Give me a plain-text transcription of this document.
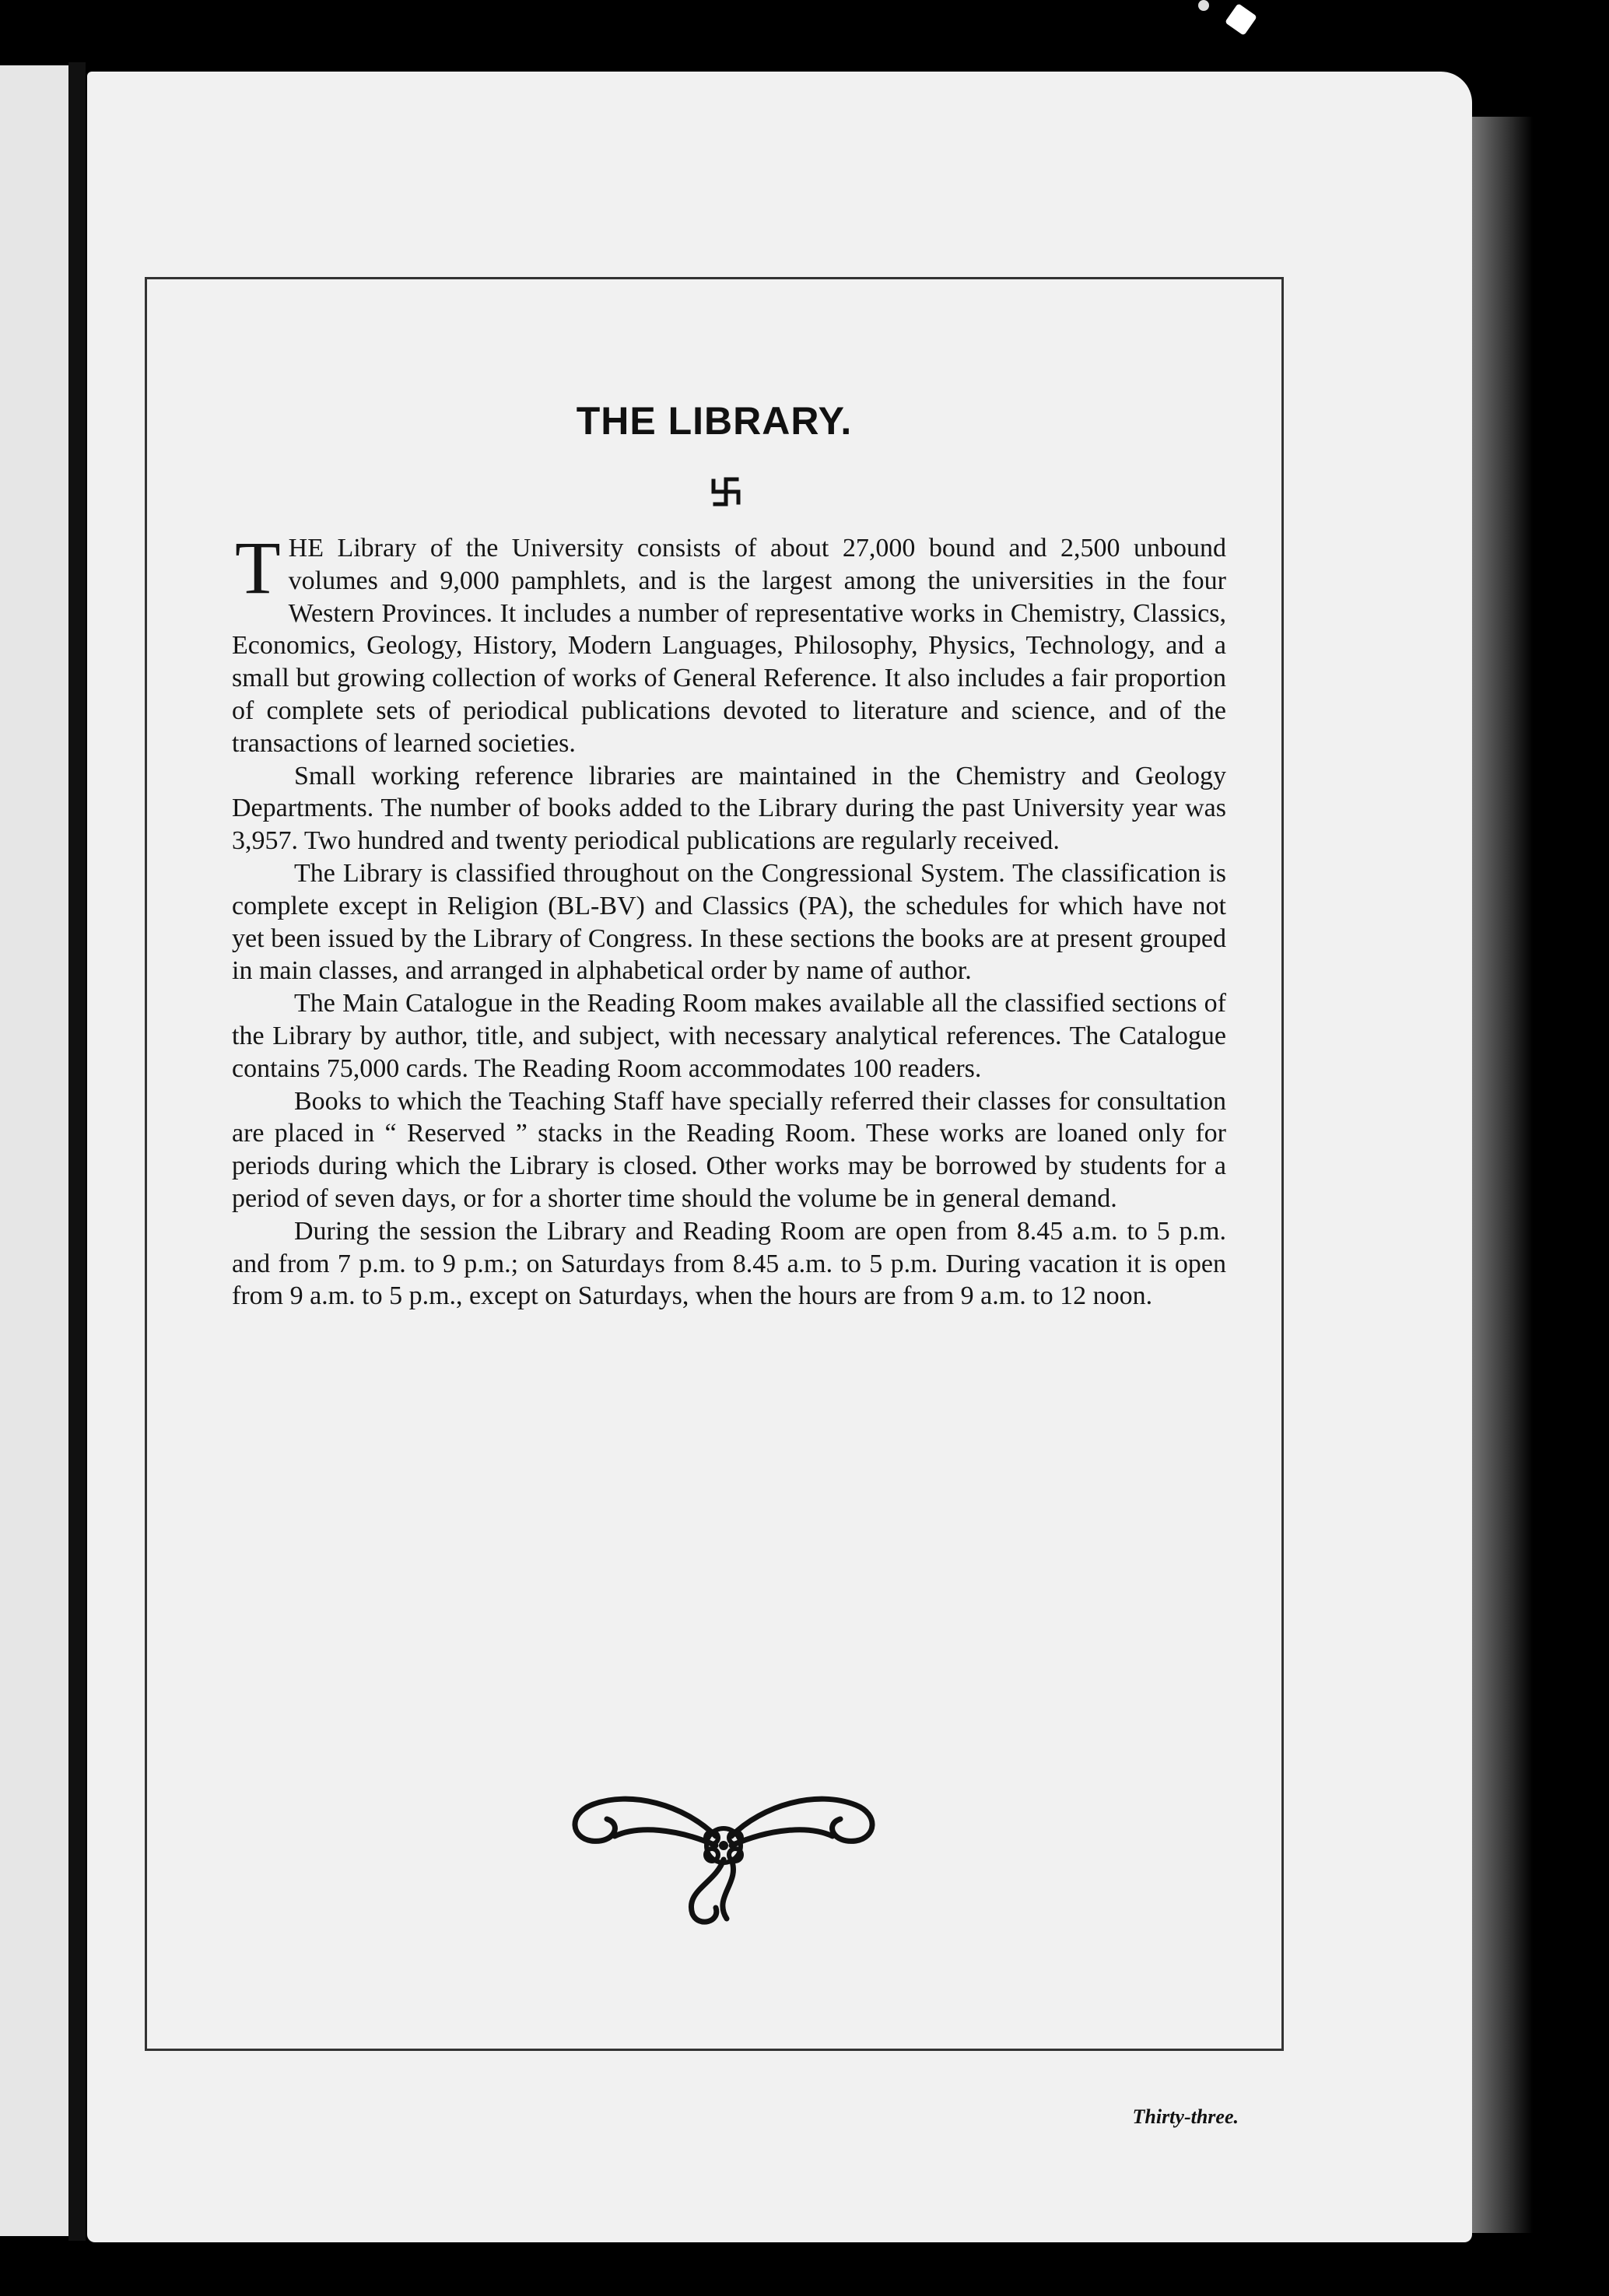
THE LIBRARY.

THE Library of the University consists of about 27,000 bound and 2,500 unbound volumes and 9,000 pamphlets, and is the largest among the universities in the four Western Provinces. It includes a number of representative works in Chemistry, Classics, Economics, Geology, History, Modern Languages, Philosophy, Physics, Technology, and a small but growing collection of works of General Reference. It also includes a fair proportion of complete sets of periodical publications devoted to literature and science, and of the transactions of learned societies.

Small working reference libraries are maintained in the Chemistry and Geology Departments. The number of books added to the Library during the past University year was 3,957. Two hundred and twenty periodical publications are regularly received.

The Library is classified throughout on the Congressional System. The classification is complete except in Religion (BL-BV) and Classics (PA), the schedules for which have not yet been issued by the Library of Congress. In these sections the books are at present grouped in main classes, and arranged in alphabetical order by name of author.

The Main Catalogue in the Reading Room makes available all the classified sections of the Library by author, title, and subject, with necessary analytical references. The Catalogue contains 75,000 cards. The Reading Room accommodates 100 readers.

Books to which the Teaching Staff have specially referred their classes for consultation are placed in “ Reserved ” stacks in the Reading Room. These works are loaned only for periods during which the Library is closed. Other works may be borrowed by students for a period of seven days, or for a shorter time should the volume be in general demand.

During the session the Library and Reading Room are open from 8.45 a.m. to 5 p.m. and from 7 p.m. to 9 p.m.; on Saturdays from 8.45 a.m. to 5 p.m. During vacation it is open from 9 a.m. to 5 p.m., except on Saturdays, when the hours are from 9 a.m. to 12 noon.

Thirty-three.
